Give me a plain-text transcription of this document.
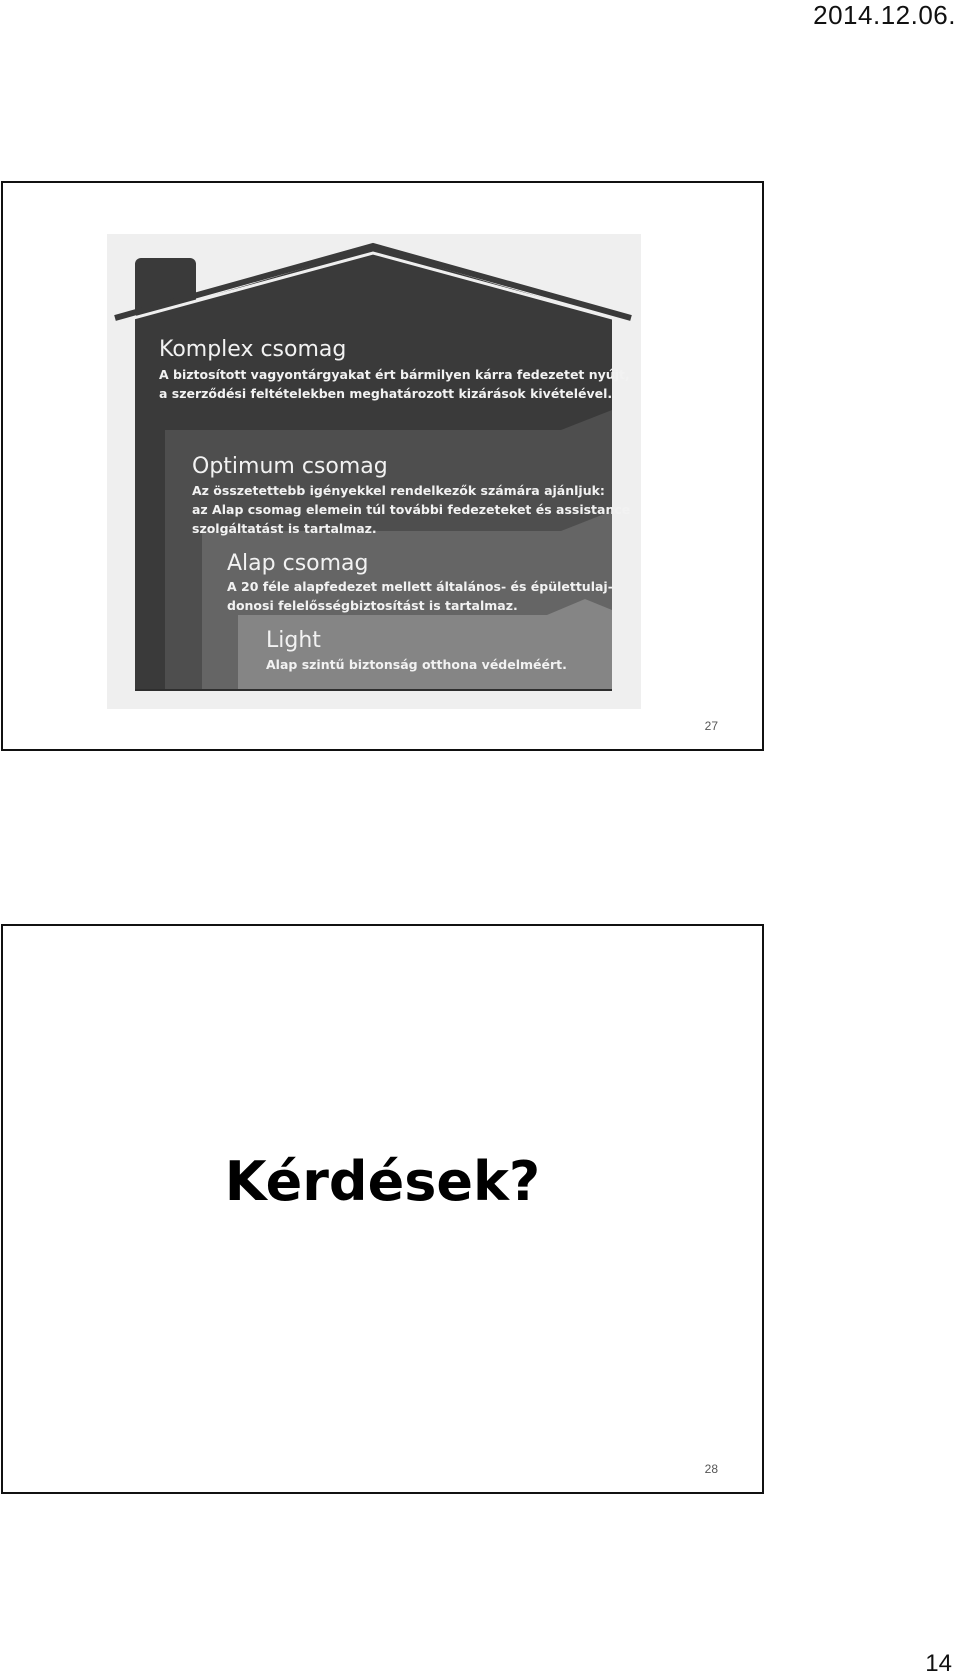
2014.12.06.
Komplex csomag
A biztosított vagyontárgyakat ért bármilyen kárra fedezetet nyújt,
a szerződési feltételekben meghatározott kizárások kivételével.
Optimum csomag
Az összetettebb igényekkel rendelkezők számára ajánljuk:
az Alap csomag elemein túl további fedezeteket és assistance
szolgáltatást is tartalmaz.
Alap csomag
A 20 féle alapfedezet mellett általános- és épülettulaj-
donosi felelősségbiztosítást is tartalmaz.
Light
Alap szintű biztonság otthona védelméért.
27
Kérdések?
28
14
